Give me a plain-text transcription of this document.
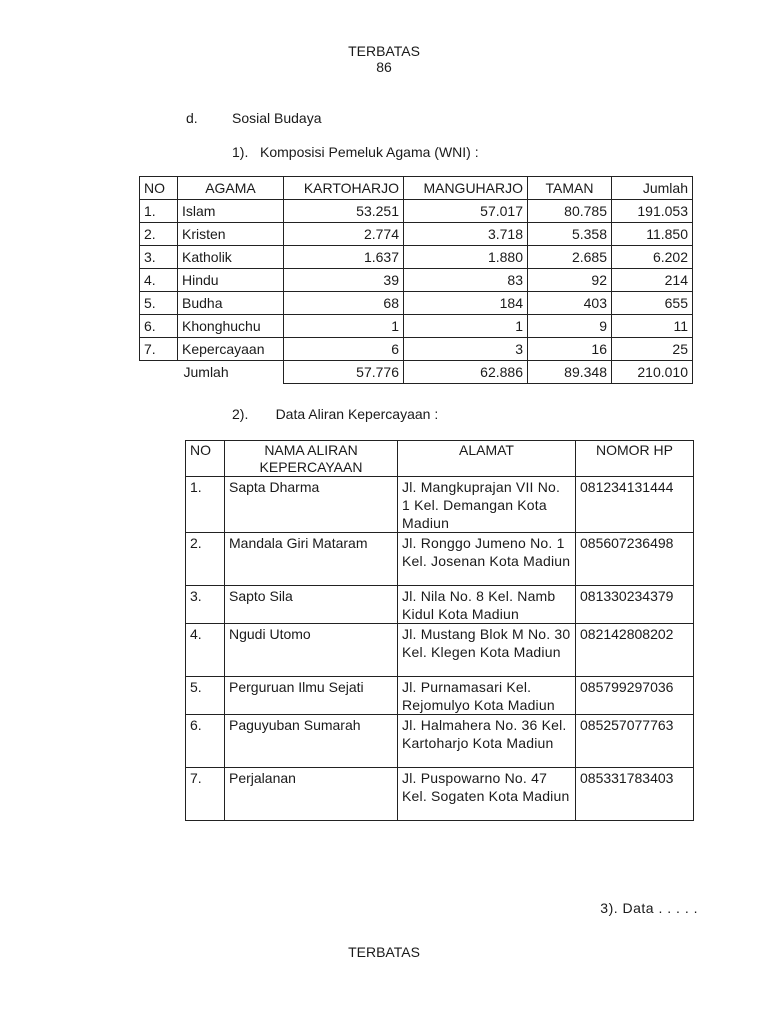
TERBATAS
86
d. Sosial Budaya
1).   Komposisi Pemeluk Agama (WNI) :
NO	AGAMA	KARTOHARJO	MANGUHARJO	TAMAN	Jumlah
1.	Islam	53.251	57.017	80.785	191.053
2.	Kristen	2.774	3.718	5.358	11.850
3.	Katholik	1.637	1.880	2.685	6.202
4.	Hindu	39	83	92	214
5.	Budha	68	184	403	655
6.	Khonghuchu	1	1	9	11
7.	Kepercayaan	6	3	16	25

Jumlah		57.776	62.886	89.348	210.010
2).       Data Aliran Kepercayaan :
NO	NAMA ALIRAN KEPERCAYAAN	ALAMAT	NOMOR HP
1.	Sapta Dharma	Jl. Mangkuprajan VII No. 1 Kel. Demangan Kota Madiun	081234131444
2.	Mandala Giri Mataram	Jl. Ronggo Jumeno No. 1 Kel. Josenan Kota Madiun	085607236498
3.	Sapto Sila	Jl. Nila No. 8 Kel. Namb Kidul Kota Madiun	081330234379
4.	Ngudi Utomo	Jl. Mustang Blok M No. 30 Kel. Klegen Kota Madiun	082142808202
5.	Perguruan Ilmu Sejati	Jl. Purnamasari Kel. Rejomulyo Kota Madiun	085799297036
6.	Paguyuban Sumarah	Jl. Halmahera No. 36 Kel. Kartoharjo Kota Madiun	085257077763
7.	Perjalanan	Jl. Puspowarno No. 47 Kel. Sogaten Kota Madiun	085331783403
3). Data . . . . .
TERBATAS
